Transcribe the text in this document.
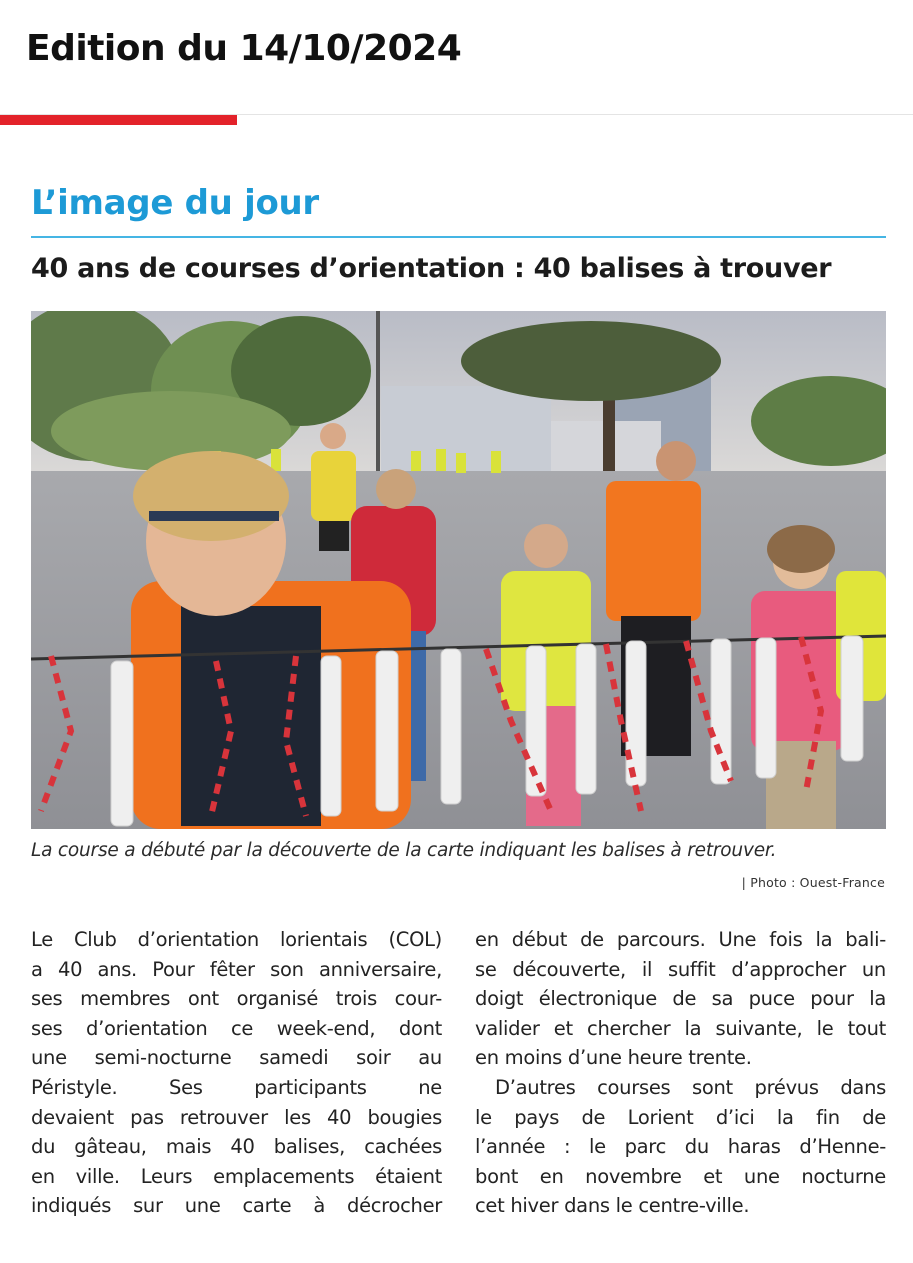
Edition du 14/10/2024
L’image du jour
40 ans de courses d’orientation : 40 balises à trouver
La course a débuté par la découverte de la carte indiquant les balises à retrouver.
| Photo : Ouest-France
Le Club d’orientation lorientais (COL)
a 40 ans. Pour fêter son anniversaire,
ses membres ont organisé trois cour-
ses d’orientation ce week-end, dont
une semi-nocturne samedi soir au
Péristyle. Ses participants ne
devaient pas retrouver les 40 bougies
du gâteau, mais 40 balises, cachées
en ville. Leurs emplacements étaient
indiqués sur une carte à décrocher
en début de parcours. Une fois la bali-
se découverte, il suffit d’approcher un
doigt électronique de sa puce pour la
valider et chercher la suivante, le tout
en moins d’une heure trente.
D’autres courses sont prévus dans
le pays de Lorient d’ici la fin de
l’année : le parc du haras d’Henne-
bont en novembre et une nocturne
cet hiver dans le centre-ville.
